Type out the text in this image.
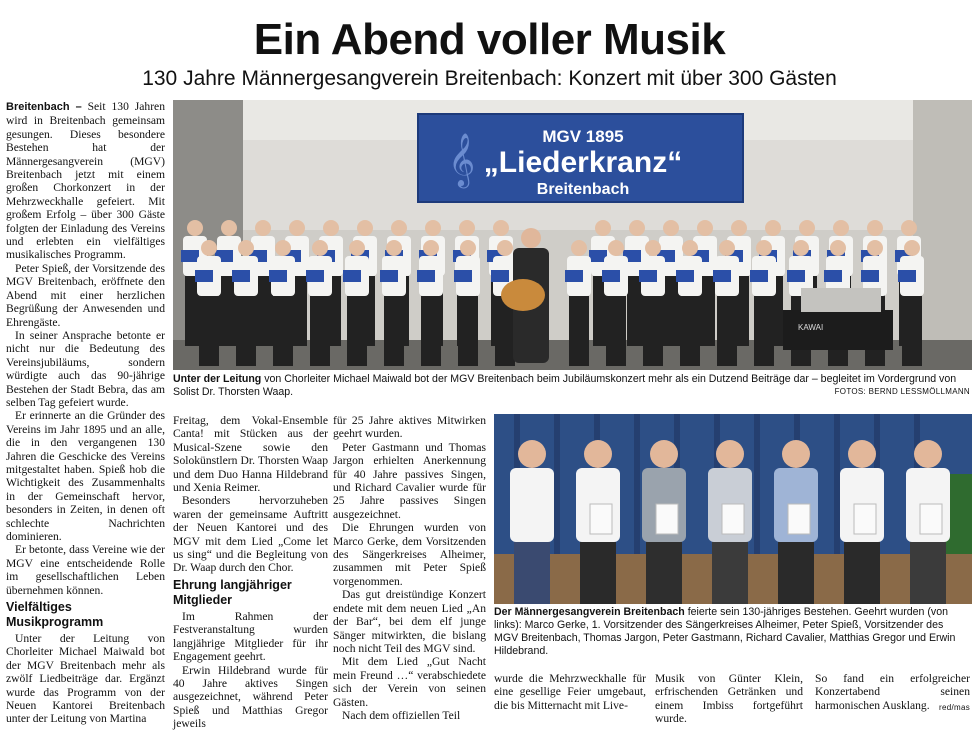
Ein Abend voller Musik
130 Jahre Männergesangverein Breitenbach: Konzert mit über 300 Gästen

Breitenbach – Seit 130 Jahren wird in Breitenbach gemeinsam gesungen. Dieses besondere Bestehen hat der Männergesangverein (MGV) Breitenbach jetzt mit einem großen Chorkonzert in der Mehrzweckhalle gefeiert. Mit großem Erfolg – über 300 Gäste folgten der Einladung des Vereins und erlebten ein vielfältiges musikalisches Programm.

Peter Spieß, der Vorsitzende des MGV Breitenbach, eröffnete den Abend mit einer herzlichen Begrüßung der Anwesenden und Ehrengäste.

In seiner Ansprache betonte er nicht nur die Bedeutung des Vereinsjubiläums, sondern würdigte auch das 90-jährige Bestehen der Stadt Bebra, das am selben Tag gefeiert wurde.

Er erinnerte an die Gründer des Vereins im Jahr 1895 und an alle, die in den vergangenen 130 Jahren die Geschicke des Vereins mitgestaltet haben. Spieß hob die Wichtigkeit des Zusammenhalts in der Gemeinschaft hervor, besonders in Zeiten, in denen oft schlechte Nachrichten dominieren.

Er betonte, dass Vereine wie der MGV eine entscheidende Rolle im gesellschaftlichen Leben übernehmen können.

Vielfältiges Musikprogramm

Unter der Leitung von Chorleiter Michael Maiwald bot der MGV Breitenbach mehr als zwölf Liedbeiträge dar. Ergänzt wurde das Programm von der Neuen Kantorei Breitenbach unter der Leitung von Martina

𝄞	MGV 1895
„Liederkranz“
Breitenbach
KAWAI
Unter der Leitung von Chorleiter Michael Maiwald bot der MGV Breitenbach beim Jubiläumskonzert mehr als ein Dutzend Beiträge dar – begleitet im Vordergrund von Solist Dr. Thorsten Waap.	FOTOS: BERND LESSMÖLLMANN

Freitag, dem Vokal-Ensemble Canta! mit Stücken aus der Musical-Szene sowie den Solokünstlern Dr. Thorsten Waap und dem Duo Hanna Hildebrand und Xenia Reimer.

Besonders hervorzuheben waren der gemeinsame Auftritt der Neuen Kantorei und des MGV mit dem Lied „Come let us sing“ und die Begleitung von Dr. Waap durch den Chor.

Ehrung langjähriger Mitglieder

Im Rahmen der Festveranstaltung wurden langjährige Mitglieder für ihr Engagement geehrt.

Erwin Hildebrand wurde für 40 Jahre aktives Singen ausgezeichnet, während Peter Spieß und Matthias Gregor jeweils

für 25 Jahre aktives Mitwirken geehrt wurden.

Peter Gastmann und Thomas Jargon erhielten Anerkennung für 40 Jahre passives Singen, und Richard Cavalier wurde für 25 Jahre passives Singen ausgezeichnet.

Die Ehrungen wurden von Marco Gerke, dem Vorsitzenden des Sängerkreises Alheimer, zusammen mit Peter Spieß vorgenommen.

Das gut dreistündige Konzert endete mit dem neuen Lied „An der Bar“, bei dem elf junge Sänger mitwirkten, die bislang noch nicht Teil des MGV sind.

Mit dem Lied „Gut Nacht mein Freund …“ verabschiedete sich der Verein von seinen Gästen.

Nach dem offiziellen Teil

Der Männergesangverein Breitenbach feierte sein 130-jähriges Bestehen. Geehrt wurden (von links): Marco Gerke, 1. Vorsitzender des Sängerkreises Alheimer, Peter Spieß, Vorsitzender des MGV Breitenbach, Thomas Jargon, Peter Gastmann, Richard Cavalier, Matthias Gregor und Erwin Hildebrand.

wurde die Mehrzweckhalle für eine gesellige Feier umgebaut, die bis Mitternacht mit Live-

Musik von Günter Klein, erfrischenden Getränken und einem Imbiss fortgeführt wurde.

So fand ein erfolgreicher Konzertabend seinen harmonischen Ausklang.	red/mas
